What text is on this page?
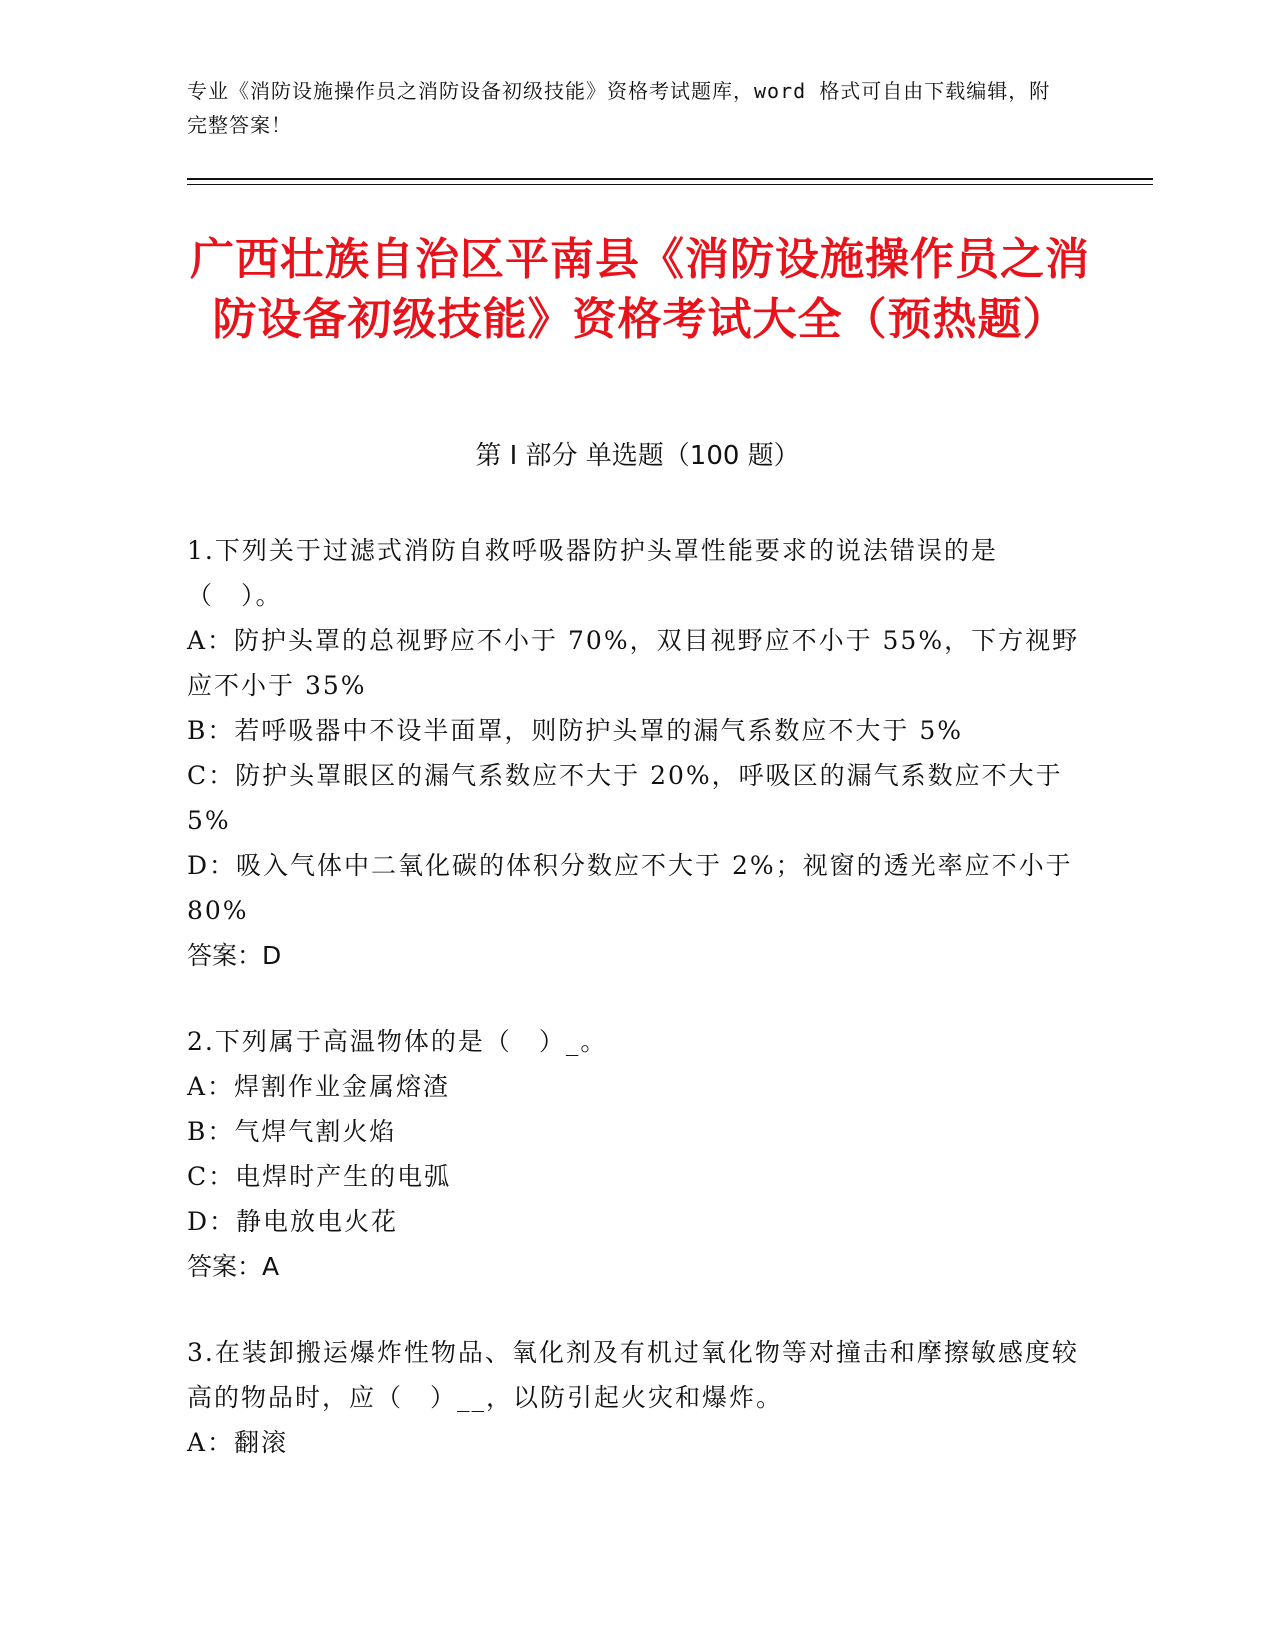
专业《消防设施操作员之消防设备初级技能》资格考试题库，word 格式可自由下载编辑，附完整答案！
广西壮族自治区平南县《消防设施操作员之消防设备初级技能》资格考试大全（预热题）
第 I 部分 单选题（100 题）
1.下列关于过滤式消防自救呼吸器防护头罩性能要求的说法错误的是（　）。
A：防护头罩的总视野应不小于 70%，双目视野应不小于 55%，下方视野应不小于 35%
B：若呼吸器中不设半面罩，则防护头罩的漏气系数应不大于 5%
C：防护头罩眼区的漏气系数应不大于 20%，呼吸区的漏气系数应不大于 5%
D：吸入气体中二氧化碳的体积分数应不大于 2%；视窗的透光率应不小于 80%
答案：D
2.下列属于高温物体的是（　）_。
A：焊割作业金属熔渣
B：气焊气割火焰
C：电焊时产生的电弧
D：静电放电火花
答案：A
3.在装卸搬运爆炸性物品、氧化剂及有机过氧化物等对撞击和摩擦敏感度较高的物品时，应（　）__，以防引起火灾和爆炸。
A：翻滚
